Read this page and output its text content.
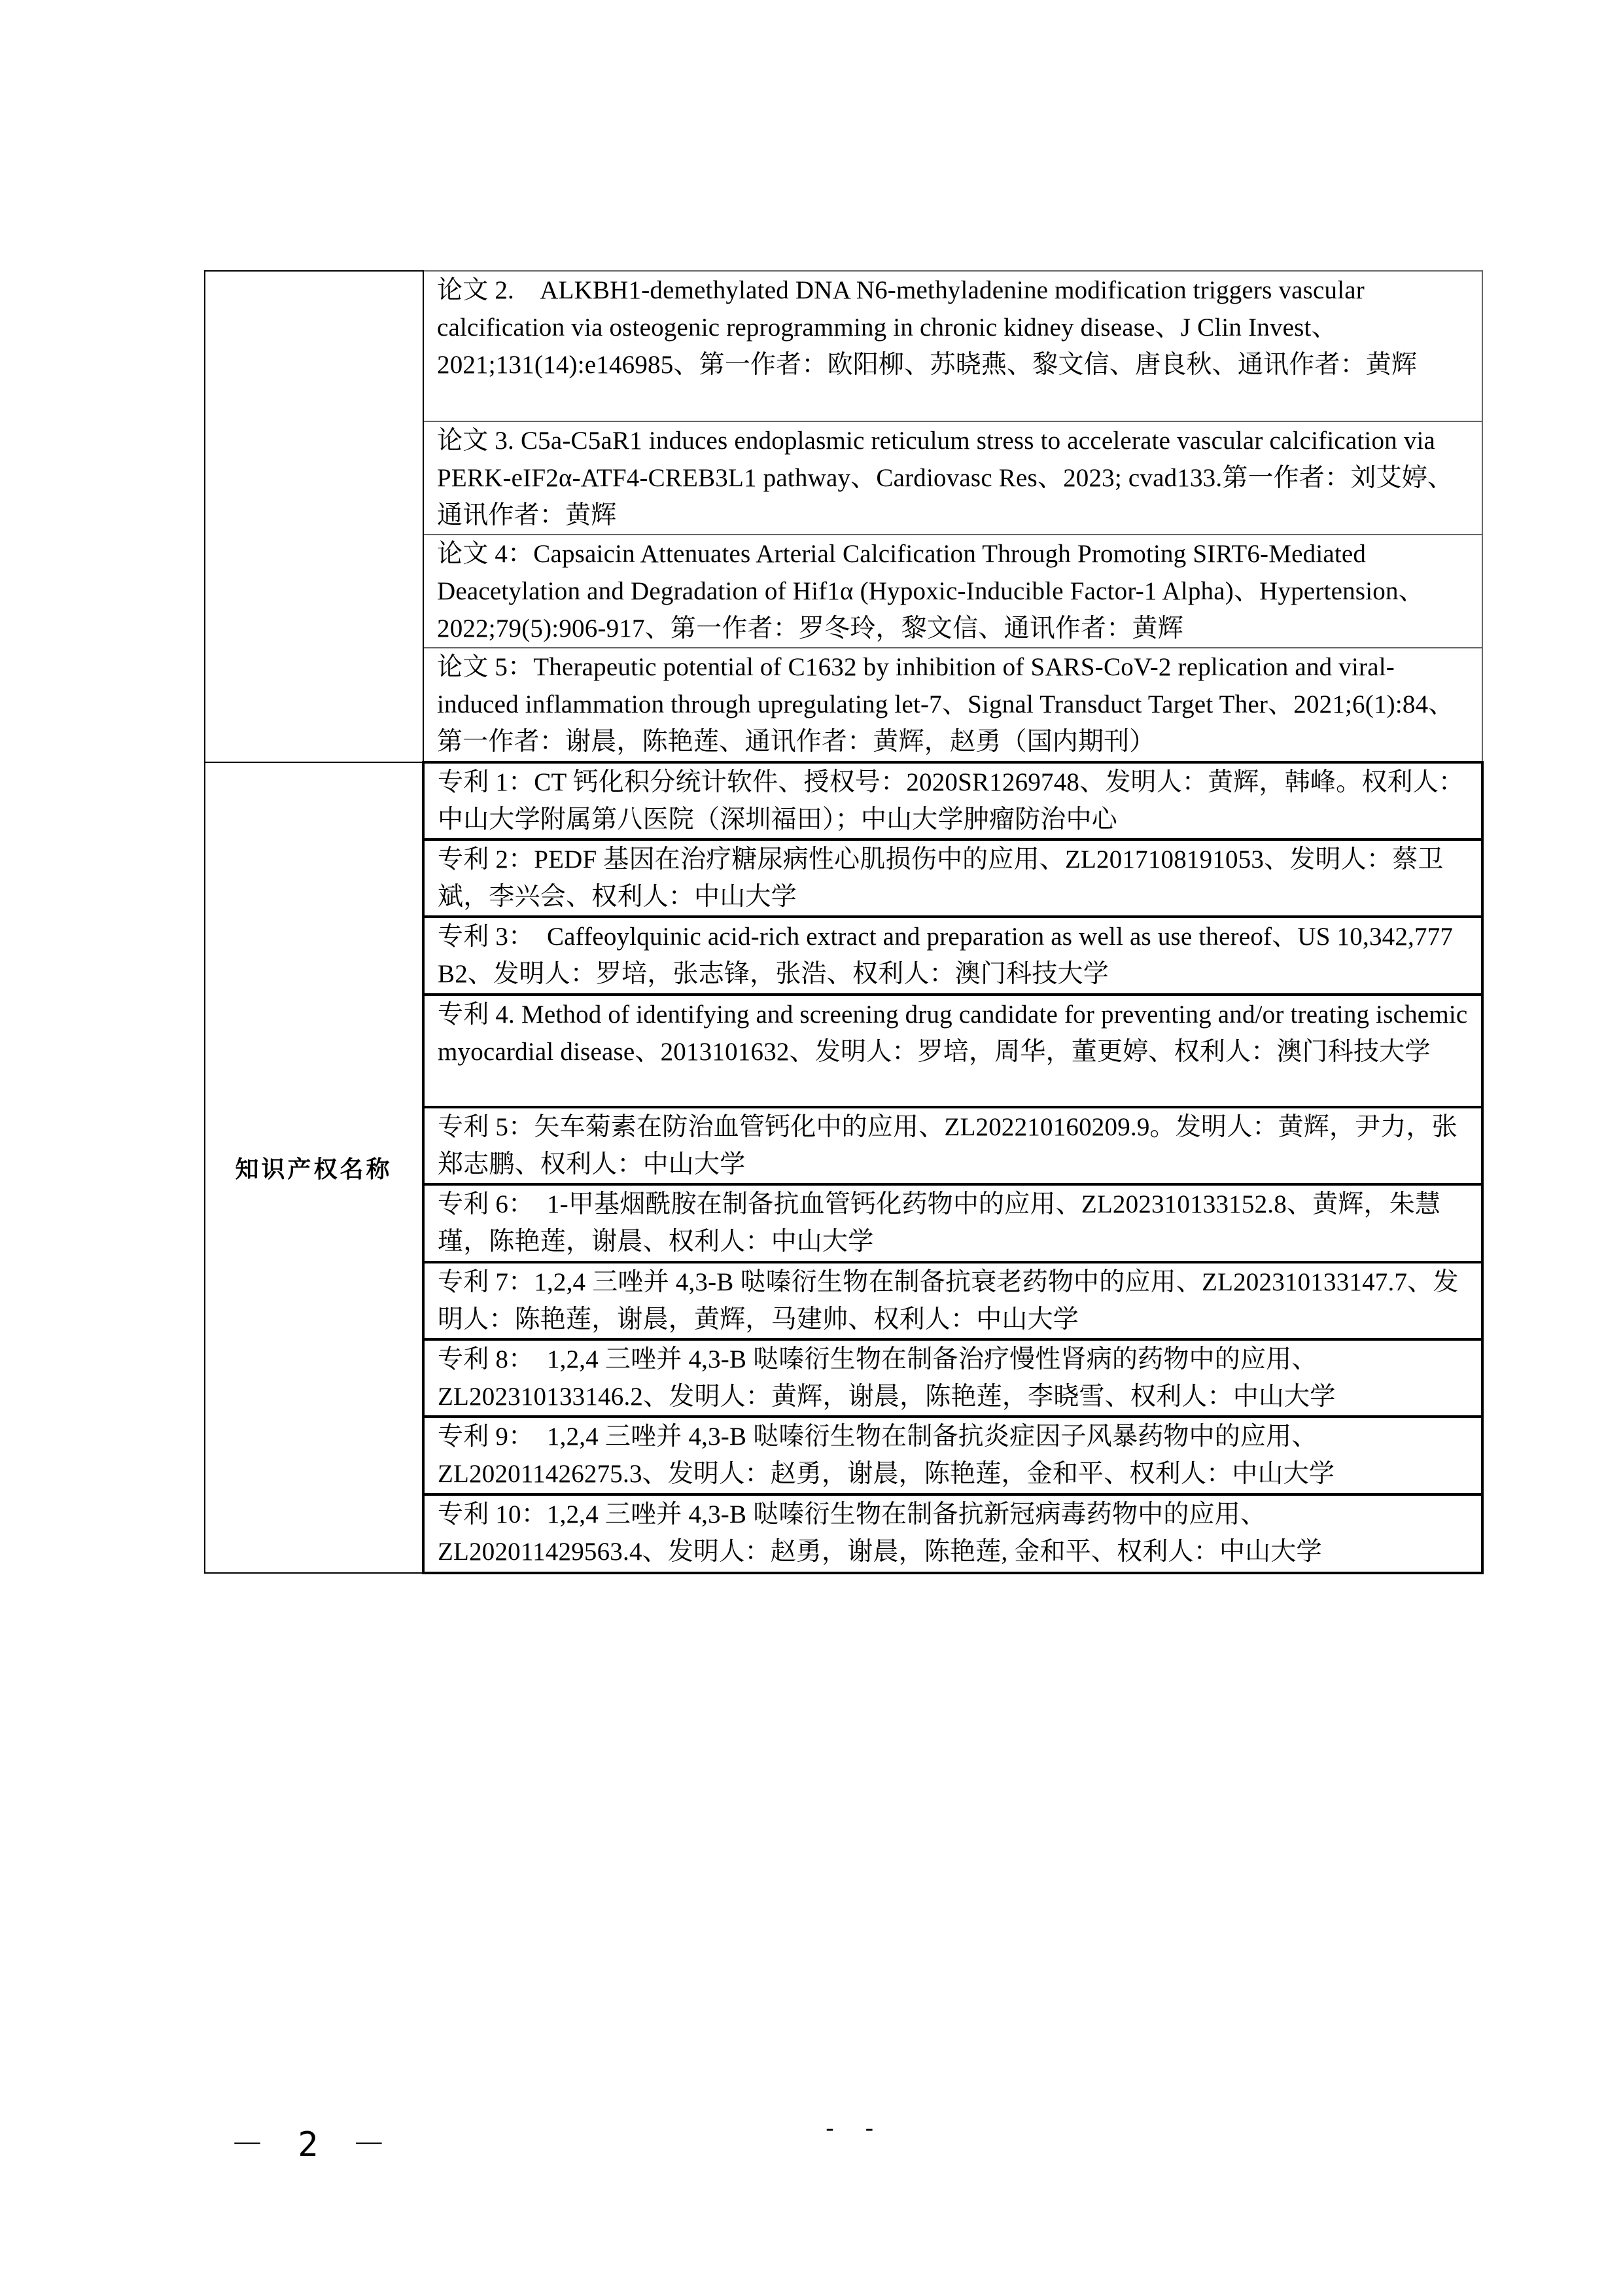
	论文 2.　ALKBH1-demethylated DNA N6-methyladenine modification triggers vascular calcification via osteogenic reprogramming in chronic kidney disease、J Clin Invest、2021;131(14):e146985、第一作者：欧阳柳、苏晓燕、黎文信、唐良秋、通讯作者：黄辉

	论文 3. C5a-C5aR1 induces endoplasmic reticulum stress to accelerate vascular calcification via PERK-eIF2α-ATF4-CREB3L1 pathway、Cardiovasc Res、2023; cvad133.第一作者：刘艾婷、通讯作者：黄辉

	论文 4：Capsaicin Attenuates Arterial Calcification Through Promoting SIRT6-Mediated Deacetylation and Degradation of Hif1α (Hypoxic-Inducible Factor-1 Alpha)、Hypertension、2022;79(5):906-917、第一作者：罗冬玲，黎文信、通讯作者：黄辉

	论文 5：Therapeutic potential of C1632 by inhibition of SARS-CoV-2 replication and viral-induced inflammation through upregulating let-7、Signal Transduct Target Ther、2021;6(1):84、第一作者：谢晨，陈艳莲、通讯作者：黄辉，赵勇（国内期刊）

知识产权名称	专利 1：CT 钙化积分统计软件、授权号：2020SR1269748、发明人：黄辉，韩峰。权利人：中山大学附属第八医院（深圳福田）；中山大学肿瘤防治中心

	专利 2：PEDF 基因在治疗糖尿病性心肌损伤中的应用、ZL2017108191053、发明人：蔡卫斌，李兴会、权利人：中山大学

	专利 3：　Caffeoylquinic acid-rich extract and preparation as well as use thereof、US 10,342,777 B2、发明人：罗培，张志锋，张浩、权利人：澳门科技大学

	专利 4. Method of identifying and screening drug candidate for preventing and/or treating ischemic myocardial disease、2013101632、发明人：罗培，周华，董更婷、权利人：澳门科技大学

	专利 5：矢车菊素在防治血管钙化中的应用、ZL202210160209.9。发明人：黄辉，尹力，张郑志鹏、权利人：中山大学

	专利 6：　1-甲基烟酰胺在制备抗血管钙化药物中的应用、ZL202310133152.8、黄辉，朱慧瑾，陈艳莲，谢晨、权利人：中山大学

	专利 7：1,2,4 三唑并 4,3-B 哒嗪衍生物在制备抗衰老药物中的应用、ZL202310133147.7、发明人：陈艳莲，谢晨，黄辉，马建帅、权利人：中山大学

	专利 8：　1,2,4 三唑并 4,3-B 哒嗪衍生物在制备治疗慢性肾病的药物中的应用、ZL202310133146.2、发明人：黄辉，谢晨，陈艳莲，李晓雪、权利人：中山大学

	专利 9：　1,2,4 三唑并 4,3-B 哒嗪衍生物在制备抗炎症因子风暴药物中的应用、ZL202011426275.3、发明人：赵勇，谢晨，陈艳莲，金和平、权利人：中山大学

	专利 10：1,2,4 三唑并 4,3-B 哒嗪衍生物在制备抗新冠病毒药物中的应用、ZL202011429563.4、发明人：赵勇，谢晨，陈艳莲, 金和平、权利人：中山大学
－ 2 －	- -
